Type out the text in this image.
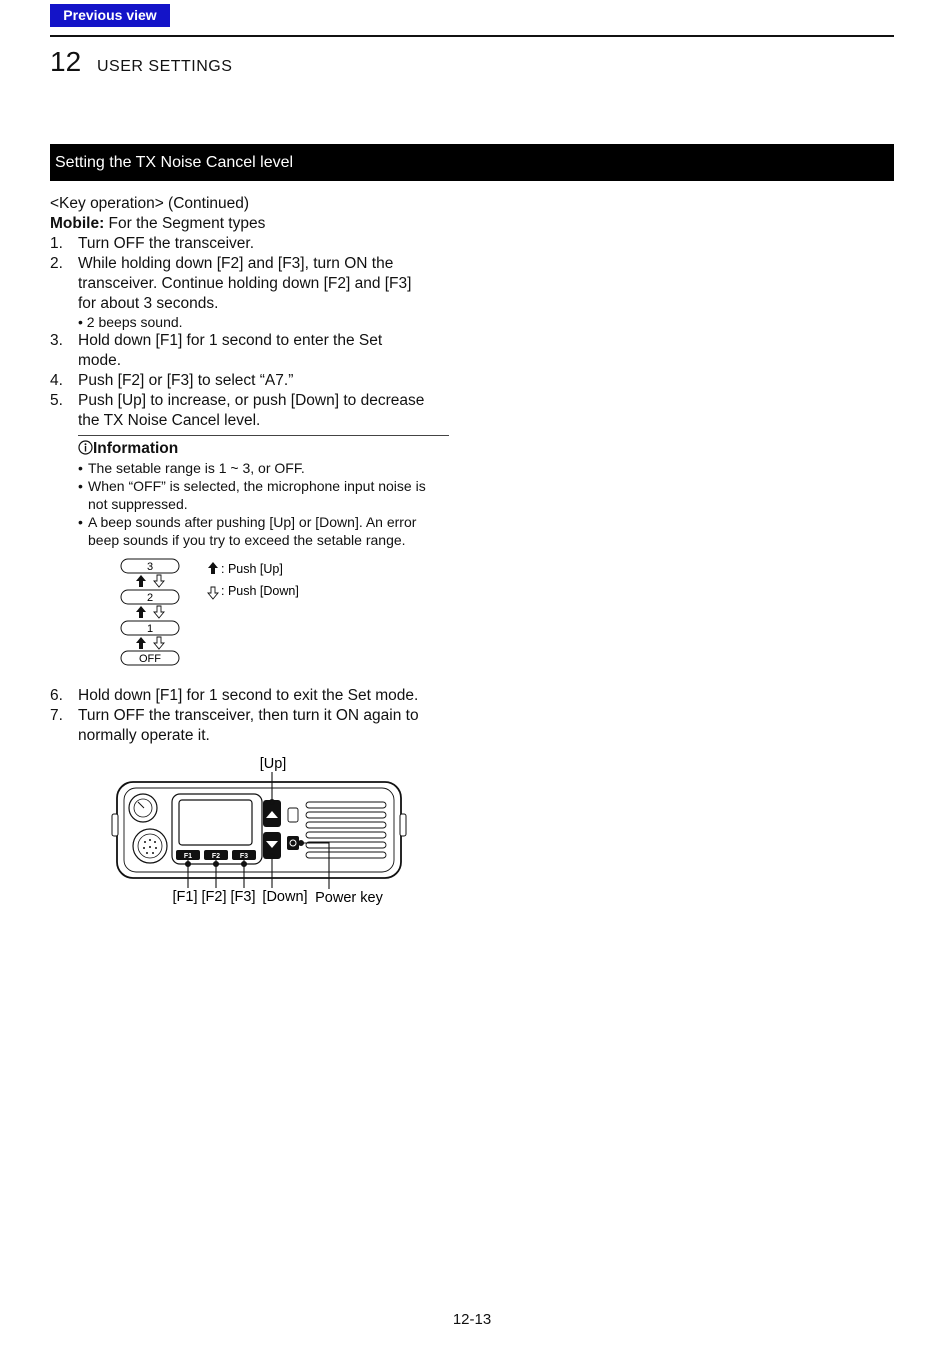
Previous view
12 USER SETTINGS
Setting the TX Noise Cancel level
<Key operation> (Continued)
Mobile: For the Segment types
1. Turn OFF the transceiver.
2. While holding down [F2] and [F3], turn ON the
transceiver. Continue holding down [F2] and [F3]
for about 3 seconds.
• 2 beeps sound.
3. Hold down [F1] for 1 second to enter the Set
mode.
4. Push [F2] or [F3] to select “A7.”
5. Push [Up] to increase, or push [Down] to decrease
the TX Noise Cancel level.
Information
• The setable range is 1 ~ 3, or OFF.
• When “OFF” is selected, the microphone input noise is
not suppressed.
• A beep sounds after pushing [Up] or [Down]. An error
beep sounds if you try to exceed the setable range.
3
2
1
OFF
: Push [Up]
: Push [Down]
6. Hold down [F1] for 1 second to exit the Set mode.
7. Turn OFF the transceiver, then turn it ON again to
normally operate it.
[Up]
F1	F2	F3
[F1] [F2] [F3] [Down] Power key
12-13
